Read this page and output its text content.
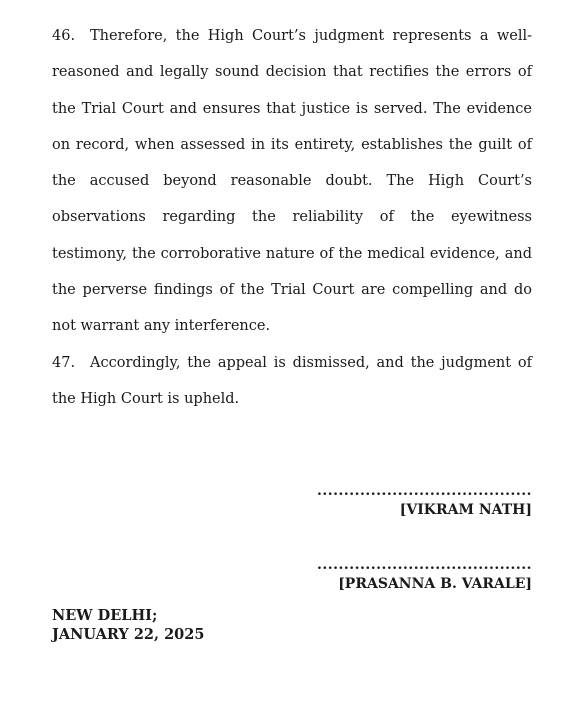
46. Therefore, the High Court’s judgment represents a well-reasoned and legally sound decision that rectifies the errors of the Trial Court and ensures that justice is served. The evidence on record, when assessed in its entirety, establishes the guilt of the accused beyond reasonable doubt. The High Court’s observations regarding the reliability of the eyewitness testimony, the corroborative nature of the medical evidence, and the perverse findings of the Trial Court are compelling and do not warrant any interference.

47. Accordingly, the appeal is dismissed, and the judgment of the High Court is upheld.

........................................
[VIKRAM NATH]
........................................
[PRASANNA B. VARALE]
NEW DELHI;
JANUARY 22, 2025
